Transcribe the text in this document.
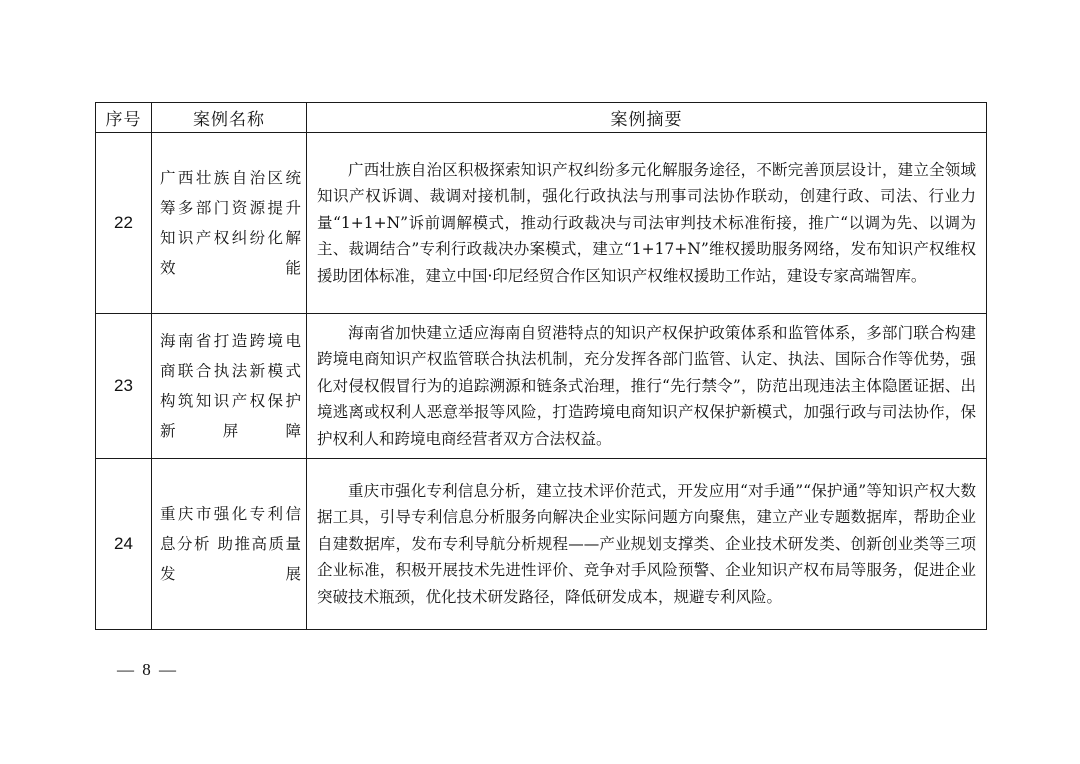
序号	案例名称	案例摘要
22	广西壮族自治区统筹多部门资源提升知识产权纠纷化解效能	广西壮族自治区积极探索知识产权纠纷多元化解服务途径，不断完善顶层设计，建立全领域知识产权诉调、裁调对接机制，强化行政执法与刑事司法协作联动，创建行政、司法、行业力量“1+1+N”诉前调解模式，推动行政裁决与司法审判技术标准衔接，推广“以调为先、以调为主、裁调结合”专利行政裁决办案模式，建立“1+17+N”维权援助服务网络，发布知识产权维权援助团体标准，建立中国·印尼经贸合作区知识产权维权援助工作站，建设专家高端智库。
23	海南省打造跨境电商联合执法新模式 构筑知识产权保护新屏障	海南省加快建立适应海南自贸港特点的知识产权保护政策体系和监管体系，多部门联合构建跨境电商知识产权监管联合执法机制，充分发挥各部门监管、认定、执法、国际合作等优势，强化对侵权假冒行为的追踪溯源和链条式治理，推行“先行禁令”，防范出现违法主体隐匿证据、出境逃离或权利人恶意举报等风险，打造跨境电商知识产权保护新模式，加强行政与司法协作，保护权利人和跨境电商经营者双方合法权益。
24	重庆市强化专利信息分析 助推高质量发展	重庆市强化专利信息分析，建立技术评价范式，开发应用“对手通”“保护通”等知识产权大数据工具，引导专利信息分析服务向解决企业实际问题方向聚焦，建立产业专题数据库，帮助企业自建数据库，发布专利导航分析规程——产业规划支撑类、企业技术研发类、创新创业类等三项企业标准，积极开展技术先进性评价、竞争对手风险预警、企业知识产权布局等服务，促进企业突破技术瓶颈，优化技术研发路径，降低研发成本，规避专利风险。
— 8 —
